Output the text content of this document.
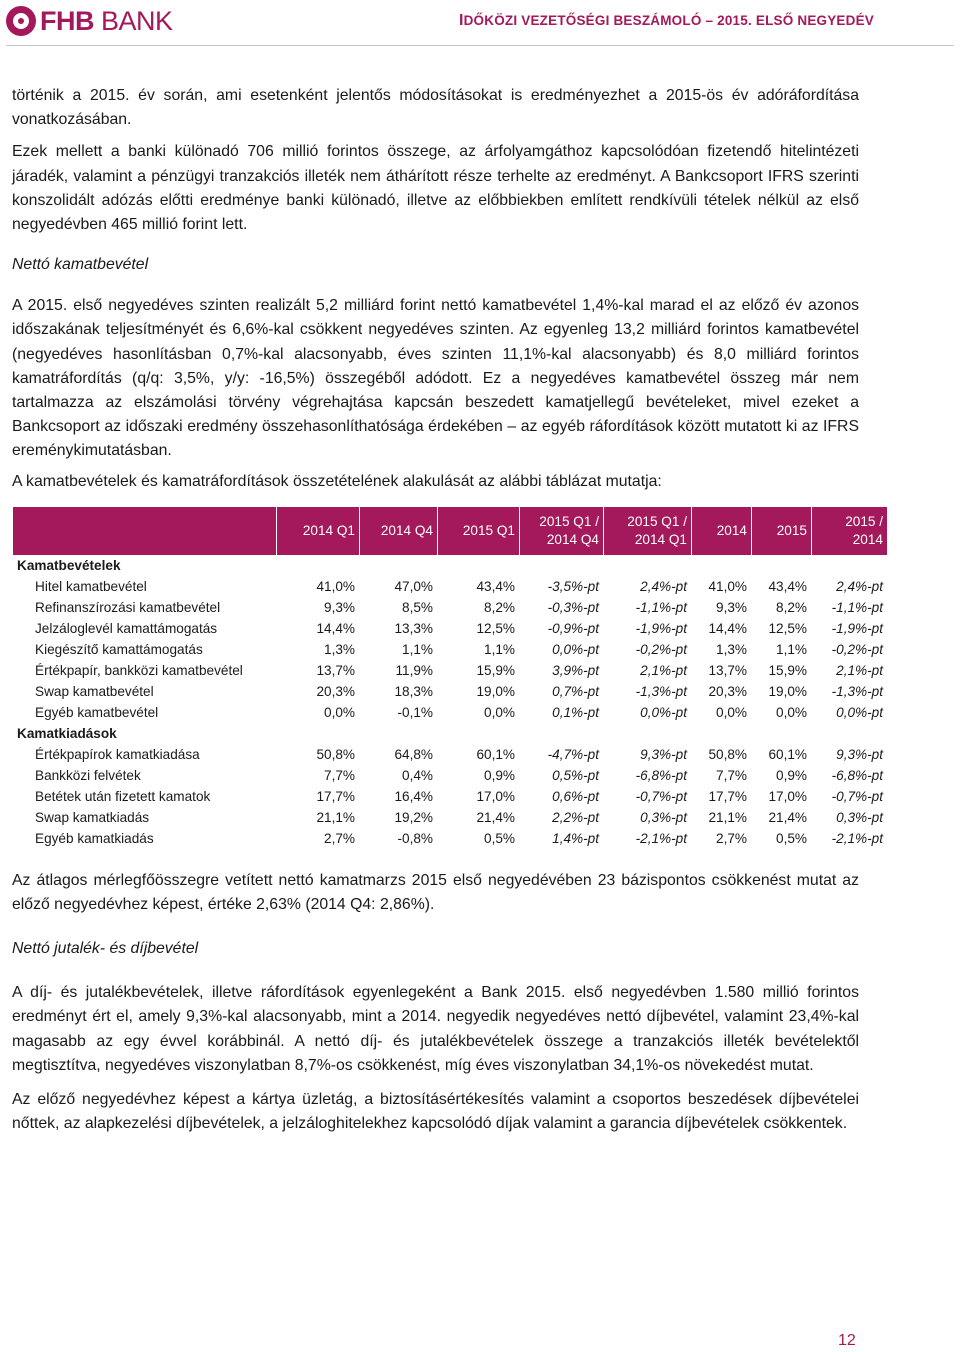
FHB BANK	IDŐKÖZI VEZETŐSÉGI BESZÁMOLÓ – 2015. ELSŐ NEGYEDÉV

történik a 2015. év során, ami esetenként jelentős módosításokat is eredményezhet a 2015-ös év adóráfordítása vonatkozásában.

Ezek mellett a banki különadó 706 millió forintos összege, az árfolyamgáthoz kapcsolódóan fizetendő hitelintézeti járadék, valamint a pénzügyi tranzakciós illeték nem áthárított része terhelte az eredményt. A Bankcsoport IFRS szerinti konszolidált adózás előtti eredménye banki különadó, illetve az előbbiekben említett rendkívüli tételek nélkül az első negyedévben 465 millió forint lett.

Nettó kamatbevétel

A 2015. első negyedéves szinten realizált 5,2 milliárd forint nettó kamatbevétel 1,4%-kal marad el az előző év azonos időszakának teljesítményét és 6,6%-kal csökkent negyedéves szinten. Az egyenleg 13,2 milliárd forintos kamatbevétel (negyedéves hasonlításban 0,7%-kal alacsonyabb, éves szinten 11,1%-kal alacsonyabb) és 8,0 milliárd forintos kamatráfordítás (q/q: 3,5%, y/y: -16,5%) összegéből adódott. Ez a negyedéves kamatbevétel összeg már nem tartalmazza az elszámolási törvény végrehajtása kapcsán beszedett kamatjellegű bevételeket, mivel ezeket a Bankcsoport az időszaki eredmény összehasonlíthatósága érdekében – az egyéb ráfordítások között mutatott ki az IFRS ereménykimutatásban.

A kamatbevételek és kamatráfordítások összetételének alakulását az alábbi táblázat mutatja:

	2014 Q1	2014 Q4	2015 Q1	2015 Q1 / 2014 Q4	2015 Q1 / 2014 Q1	2014	2015	2015 / 2014
Kamatbevételek								
Hitel kamatbevétel	41,0%	47,0%	43,4%	-3,5%-pt	2,4%-pt	41,0%	43,4%	2,4%-pt
Refinanszírozási kamatbevétel	9,3%	8,5%	8,2%	-0,3%-pt	-1,1%-pt	9,3%	8,2%	-1,1%-pt
Jelzáloglevél kamattámogatás	14,4%	13,3%	12,5%	-0,9%-pt	-1,9%-pt	14,4%	12,5%	-1,9%-pt
Kiegészítő kamattámogatás	1,3%	1,1%	1,1%	0,0%-pt	-0,2%-pt	1,3%	1,1%	-0,2%-pt
Értékpapír, bankközi kamatbevétel	13,7%	11,9%	15,9%	3,9%-pt	2,1%-pt	13,7%	15,9%	2,1%-pt
Swap kamatbevétel	20,3%	18,3%	19,0%	0,7%-pt	-1,3%-pt	20,3%	19,0%	-1,3%-pt
Egyéb kamatbevétel	0,0%	-0,1%	0,0%	0,1%-pt	0,0%-pt	0,0%	0,0%	0,0%-pt
Kamatkiadások								
Értékpapírok kamatkiadása	50,8%	64,8%	60,1%	-4,7%-pt	9,3%-pt	50,8%	60,1%	9,3%-pt
Bankközi felvétek	7,7%	0,4%	0,9%	0,5%-pt	-6,8%-pt	7,7%	0,9%	-6,8%-pt
Betétek után fizetett kamatok	17,7%	16,4%	17,0%	0,6%-pt	-0,7%-pt	17,7%	17,0%	-0,7%-pt
Swap kamatkiadás	21,1%	19,2%	21,4%	2,2%-pt	0,3%-pt	21,1%	21,4%	0,3%-pt
Egyéb kamatkiadás	2,7%	-0,8%	0,5%	1,4%-pt	-2,1%-pt	2,7%	0,5%	-2,1%-pt

Az átlagos mérlegfőösszegre vetített nettó kamatmarzs 2015 első negyedévében 23 bázispontos csökkenést mutat az előző negyedévhez képest, értéke 2,63% (2014 Q4: 2,86%).

Nettó jutalék- és díjbevétel

A díj- és jutalékbevételek, illetve ráfordítások egyenlegeként a Bank 2015. első negyedévben 1.580 millió forintos eredményt ért el, amely 9,3%-kal alacsonyabb, mint a 2014. negyedik negyedéves nettó díjbevétel, valamint 23,4%-kal magasabb az egy évvel korábbinál. A nettó díj- és jutalékbevételek összege a tranzakciós illeték bevételektől megtisztítva, negyedéves viszonylatban 8,7%-os csökkenést, míg éves viszonylatban 34,1%-os növekedést mutat.

Az előző negyedévhez képest a kártya üzletág, a biztosításértékesítés valamint a csoportos beszedések díjbevételei nőttek, az alapkezelési díjbevételek, a jelzáloghitelekhez kapcsolódó díjak valamint a garancia díjbevételek csökkentek.

12
